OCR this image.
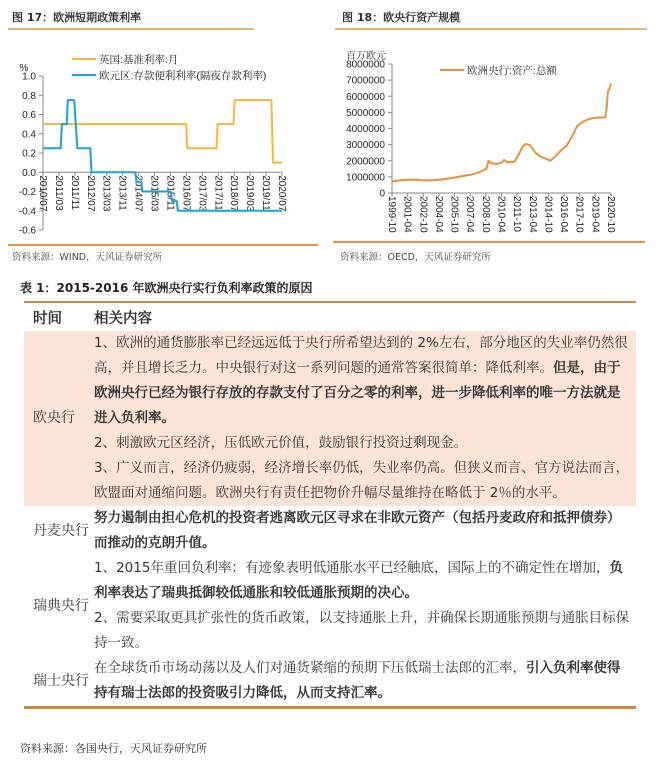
图 17：欧洲短期政策利率
%
1.0
0.8
0.6
0.4
0.2
0.0
-0.2
-0.4
-0.6
2010/07 2011/03 2011/11 2012/07 2013/03 2013/11 2014/07 2015/03 2015/11 2016/07 2017/03 2017/11 2018/07 2019/03 2019/11 2020/07
英国:基准利率:月
欧元区:存款便利利率(隔夜存款利率)
资料来源：WIND，天风证券研究所
图 18：欧央行资产规模
百万欧元
8000000
7000000
6000000
5000000
4000000
3000000
2000000
1000000
0
1999-10 2001-04 2002-10 2004-04 2005-10 2007-04 2008-10 2010-04 2011-10 2013-04 2014-10 2016-04 2017-10 2019-04 2020-10
欧洲央行:资产:总额
资料来源：OECD，天风证券研究所
表 1：2015-2016 年欧洲央行实行负利率政策的原因
时间	相关内容
欧央行
1、欧洲的通货膨胀率已经远远低于央行所希望达到的 2%左右，部分地区的失业率仍然很高，并且增长乏力。中央银行对这一系列问题的通常答案很简单：降低利率。但是，由于欧洲央行已经为银行存放的存款支付了百分之零的利率，进一步降低利率的唯一方法就是进入负利率。
2、刺激欧元区经济，压低欧元价值，鼓励银行投资过剩现金。
3、广义而言，经济仍疲弱，经济增长率仍低，失业率仍高。但狭义而言、官方说法而言，欧盟面对通缩问题。欧洲央行有责任把物价升幅尽量维持在略低于 2％的水平。
丹麦央行
努力遏制由担心危机的投资者逃离欧元区寻求在非欧元资产（包括丹麦政府和抵押债券）而推动的克朗升值。
瑞典央行
1、2015年重回负利率：有迹象表明低通胀水平已经触底，国际上的不确定性在增加，负利率表达了瑞典抵御较低通胀和较低通胀预期的决心。
2、需要采取更具扩张性的货币政策，以支持通胀上升，并确保长期通胀预期与通胀目标保持一致。
瑞士央行
在全球货币市场动荡以及人们对通货紧缩的预期下压低瑞士法郎的汇率，引入负利率使得持有瑞士法郎的投资吸引力降低，从而支持汇率。
资料来源：各国央行，天风证券研究所
